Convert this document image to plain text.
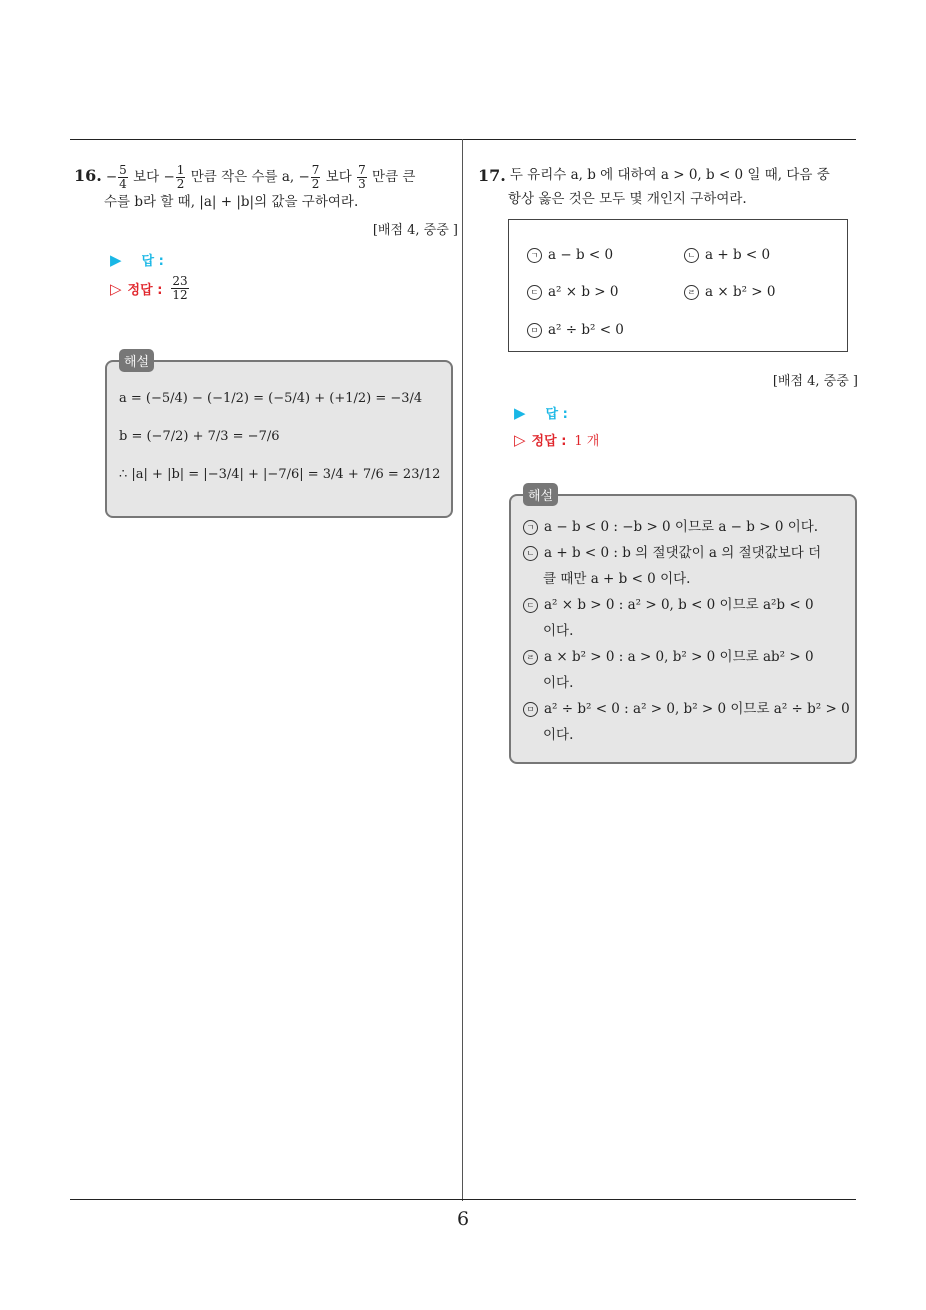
6
16. − $\frac{5}{4}$ 보다 − $\frac{1}{2}$ 만큼 작은 수를 a, − $\frac{7}{2}$ 보다 $\frac{7}{3}$ 만큼 큰
수를 b라 할 때, |a| + |b|의 값을 구하여라.
[배점 4, 중중 ]
▶ 답 :
▷ 정답 : $\frac{23}{12}$
해설
a = (−5/4) − (−1/2) = (−5/4) + (+1/2) = −3/4
b = (−7/2) + 7/3 = −7/6
∴ |a| + |b| = |−3/4| + |−7/6| = 3/4 + 7/6 = 23/12
17. 두 유리수 a, b 에 대하여 a > 0, b < 0 일 때, 다음 중
항상 옳은 것은 모두 몇 개인지 구하여라.
ㄱ a − b < 0	ㄴ a + b < 0
ㄷ a² × b > 0	ㄹ a × b² > 0
ㅁ a² ÷ b² < 0
[배점 4, 중중 ]
▶ 답 :
▷ 정답 : 1 개
해설
ㄱ a − b < 0 : −b > 0 이므로 a − b > 0 이다.
ㄴ a + b < 0 : b 의 절댓값이 a 의 절댓값보다 더
클 때만 a + b < 0 이다.
ㄷ a² × b > 0 : a² > 0, b < 0 이므로 a²b < 0
이다.
ㄹ a × b² > 0 : a > 0, b² > 0 이므로 ab² > 0
이다.
ㅁ a² ÷ b² < 0 : a² > 0, b² > 0 이므로 a² ÷ b² > 0
이다.
